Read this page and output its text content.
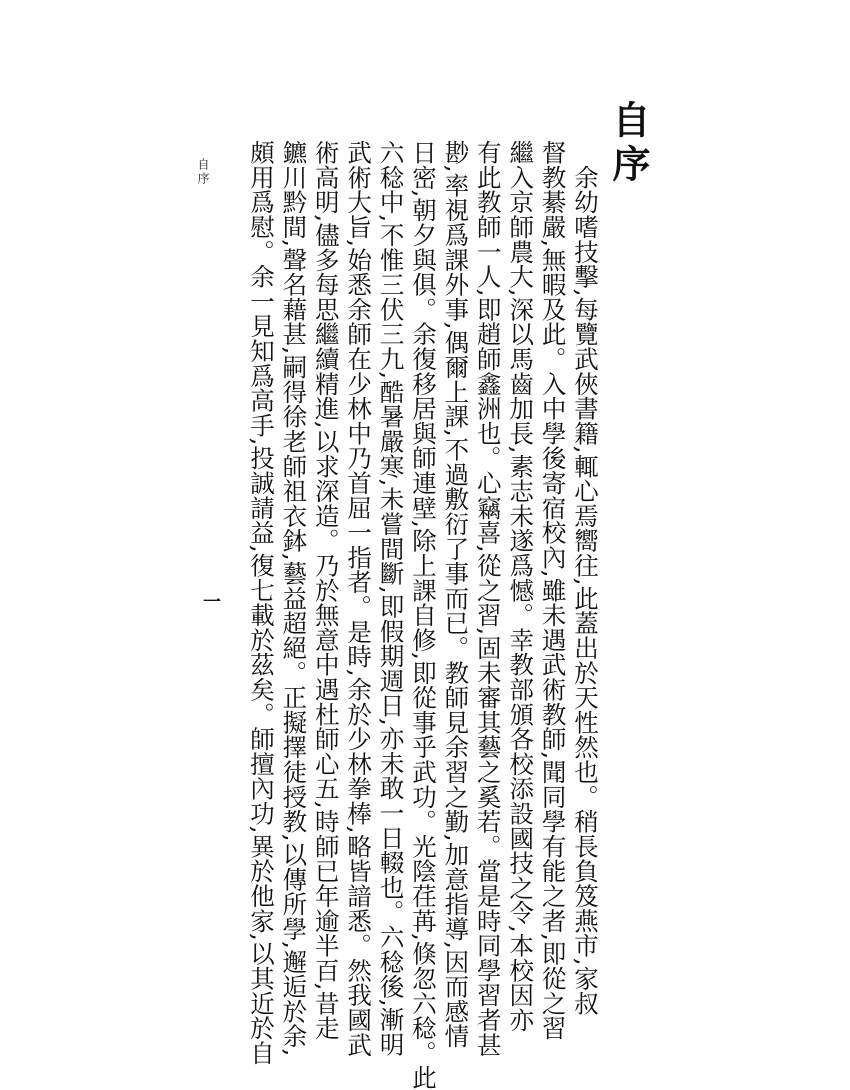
自序
　余幼嗜技擊,每覽武俠書籍,輒心焉嚮往,此蓋出於天性然也。稍長負笈燕市,家叔
督教綦嚴,無暇及此。入中學後寄宿校內,雖未遇武術教師,聞同學有能之者,即從之習
繼入京師農大,深以馬齒加長,素志未遂爲憾。幸教部頒各校添設國技之令,本校因亦
有此教師一人,即趙師鑫洲也。心竊喜,從之習,固未審其藝之奚若。當是時同學習者甚
尠,率視爲課外事,偶爾上課,不過敷衍了事而已。教師見余習之勤,加意指導,因而感情
日密,朝夕與俱。余復移居與師連壁,除上課自修,即從事乎武功。光陰荏苒,倏忽六稔。此
六稔中,不惟三伏三九,酷暑嚴寒,未嘗間斷,即假期週日,亦未敢一日輟也。六稔後,漸明
武術大旨,始悉余師在少林中乃首屈一指者。是時,余於少林拳棒,略皆諳悉。然我國武
術高明,儘多每思繼續精進,以求深造。乃於無意中遇杜師心五,時師已年逾半百,昔走
鑣川黔間,聲名藉甚,嗣得徐老師祖衣鉢,藝益超絕。正擬擇徒授教,以傳所學,邂逅於余,
頗用爲慰。余一見知爲高手,投誠請益,復七載於茲矣。師擅內功,異於他家,以其近於自
自序
一
